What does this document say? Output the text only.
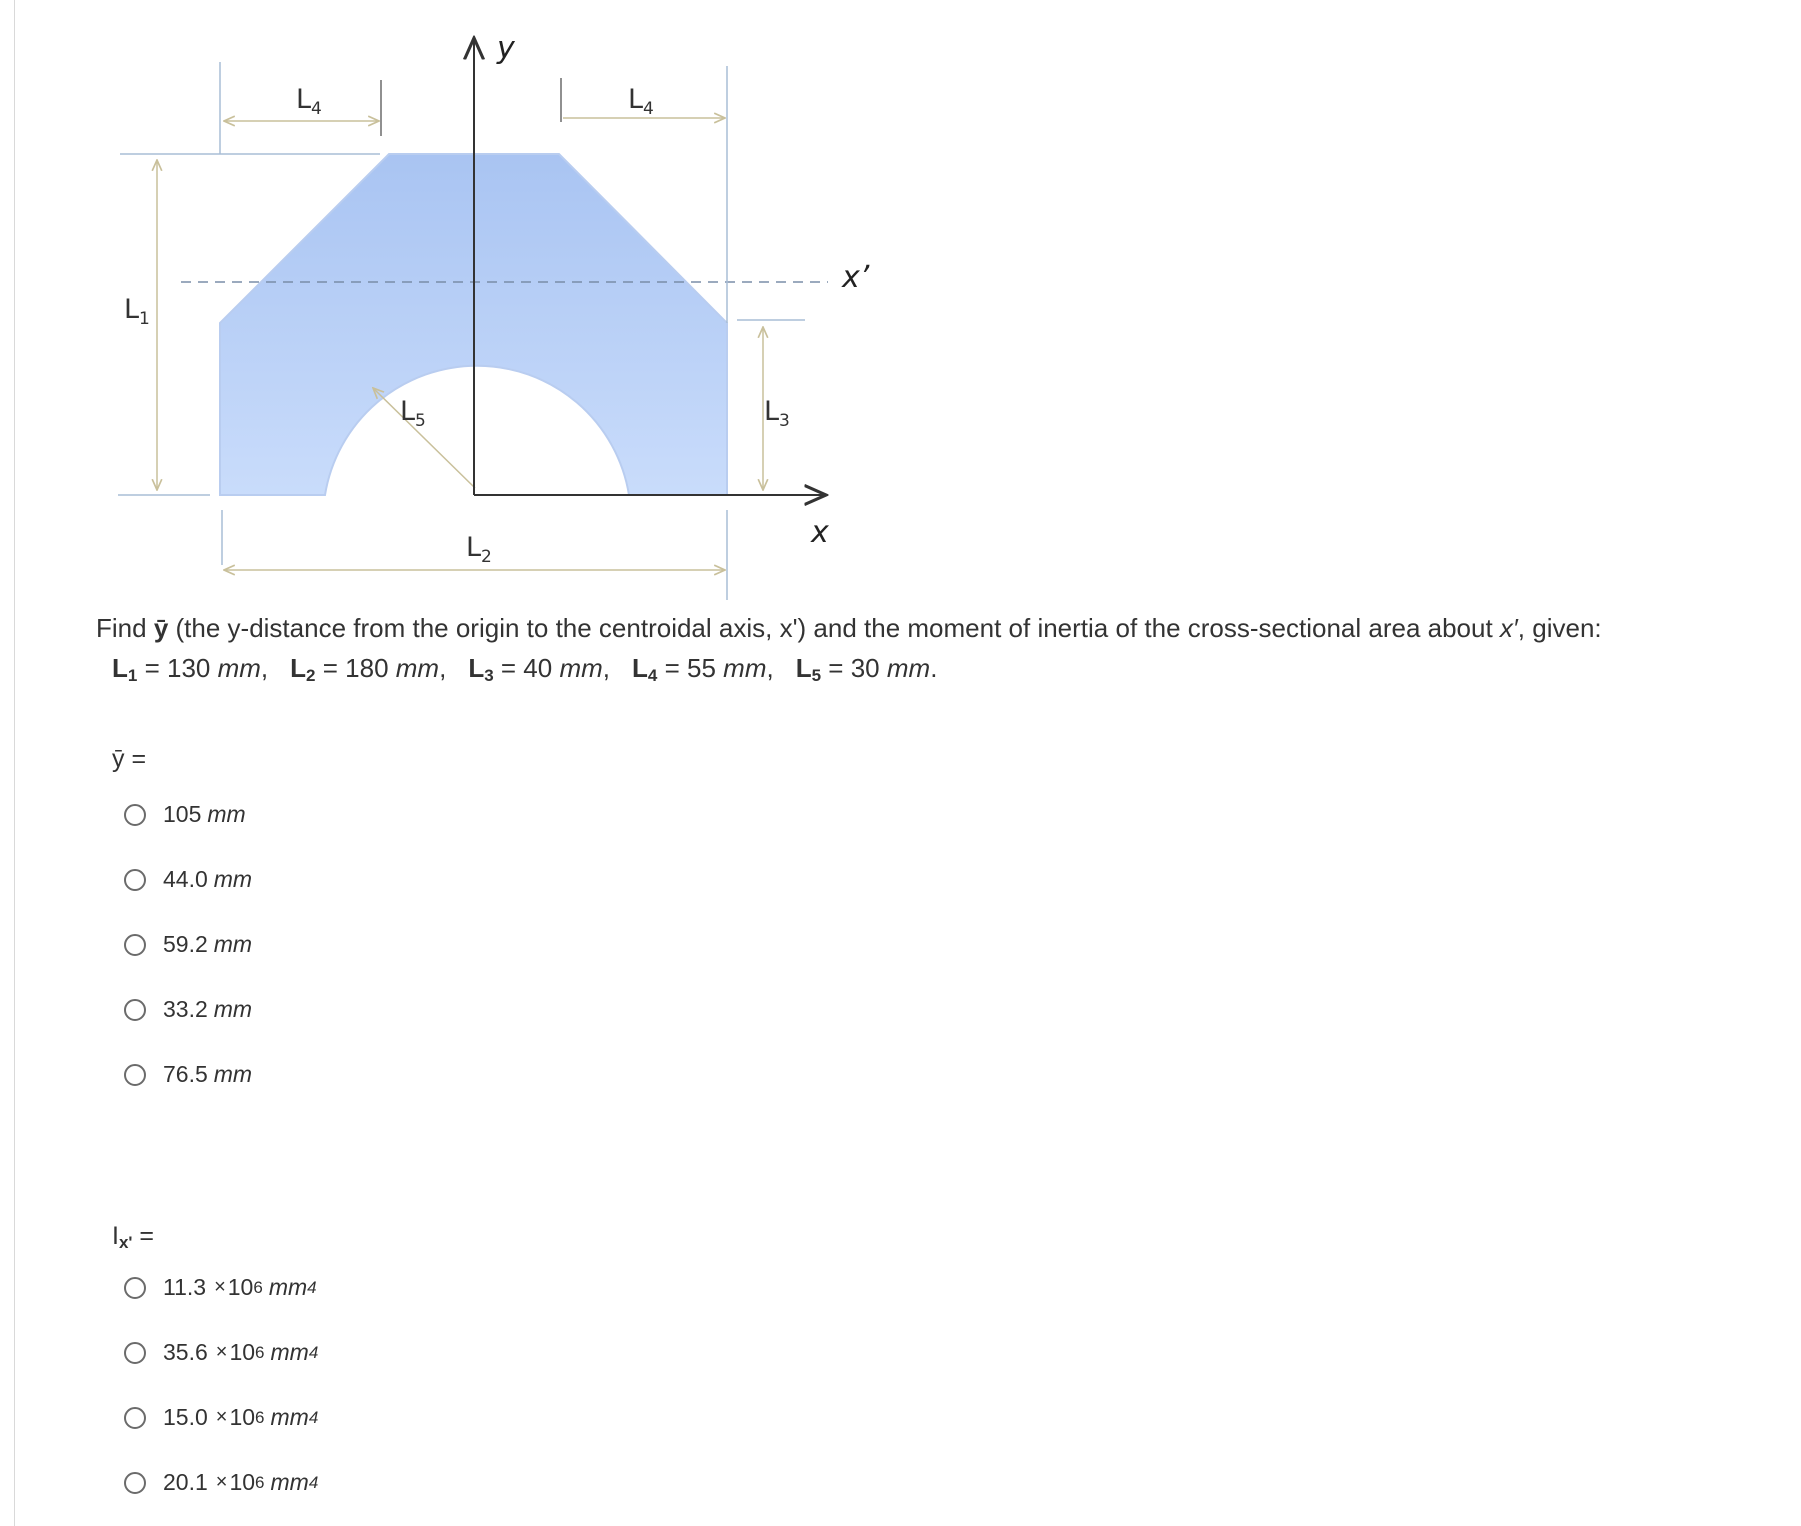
y
x
x’
$L_4$	$L_4$
$L_1$
$L_5$	$L_3$
$L_2$
Find ȳ (the y-distance from the origin to the centroidal axis, x') and the moment of inertia of the cross-sectional area about x′, given:
$L_1 = 130$ mm, $L_2 = 180$ mm, $L_3 = 40$ mm, $L_4 = 55$ mm, $L_5 = 30$ mm.
ȳ =
105 mm
44.0 mm
59.2 mm
33.2 mm
76.5 mm
$I_{x'}$ =
11.3 × 10 6 mm 4
35.6 × 10 6 mm 4
15.0 × 10 6 mm 4
20.1 × 10 6 mm 4
